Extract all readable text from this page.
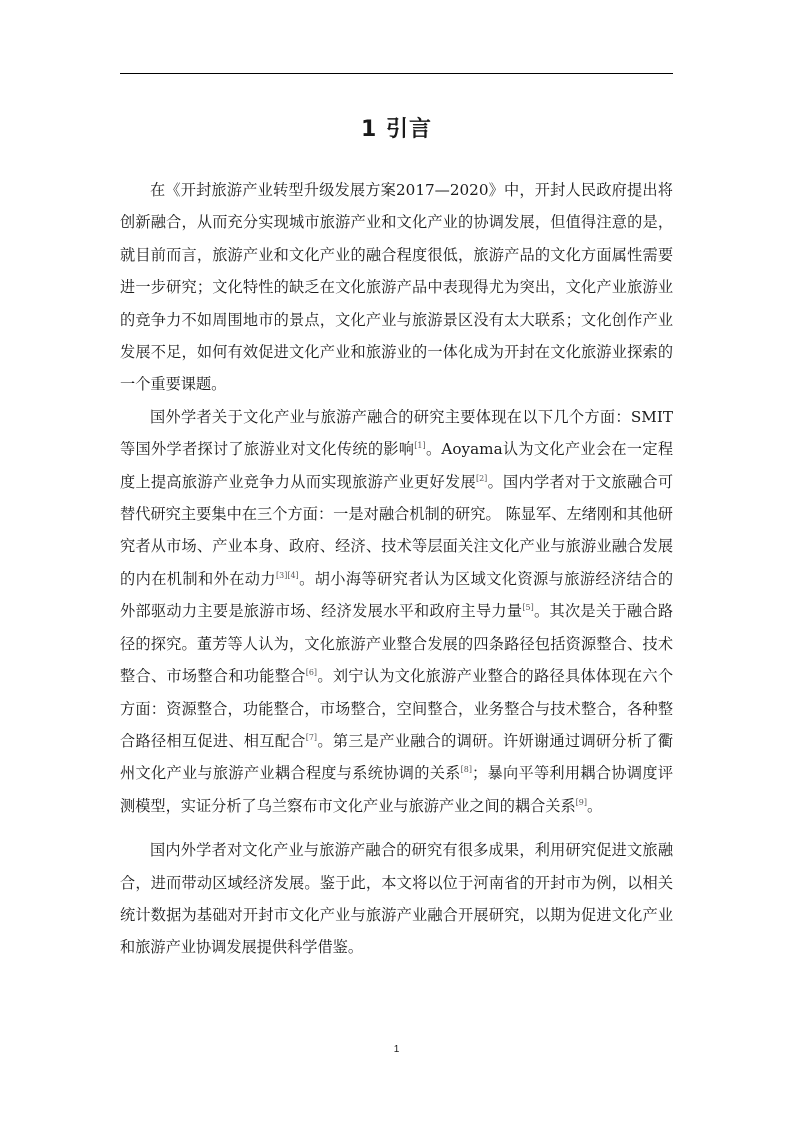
1 引言

在《开封旅游产业转型升级发展方案2017—2020》中，开封人民政府提出将创新融合，从而充分实现城市旅游产业和文化产业的协调发展，但值得注意的是，就目前而言，旅游产业和文化产业的融合程度很低，旅游产品的文化方面属性需要进一步研究；文化特性的缺乏在文化旅游产品中表现得尤为突出，文化产业旅游业的竞争力不如周围地市的景点，文化产业与旅游景区没有太大联系；文化创作产业发展不足，如何有效促进文化产业和旅游业的一体化成为开封在文化旅游业探索的一个重要课题。

国外学者关于文化产业与旅游产融合的研究主要体现在以下几个方面：SMIT等国外学者探讨了旅游业对文化传统的影响[1]。Aoyama认为文化产业会在一定程度上提高旅游产业竞争力从而实现旅游产业更好发展[2]。国内学者对于文旅融合可替代研究主要集中在三个方面：一是对融合机制的研究。 陈显军、左绪刚和其他研究者从市场、产业本身、政府、经济、技术等层面关注文化产业与旅游业融合发展的内在机制和外在动力[3][4]。胡小海等研究者认为区域文化资源与旅游经济结合的外部驱动力主要是旅游市场、经济发展水平和政府主导力量[5]。其次是关于融合路径的探究。董芳等人认为，文化旅游产业整合发展的四条路径包括资源整合、技术整合、市场整合和功能整合[6]。刘宁认为文化旅游产业整合的路径具体体现在六个方面：资源整合，功能整合，市场整合，空间整合，业务整合与技术整合，各种整合路径相互促进、相互配合[7]。第三是产业融合的调研。许妍谢通过调研分析了衢州文化产业与旅游产业耦合程度与系统协调的关系[8]；暴向平等利用耦合协调度评测模型，实证分析了乌兰察布市文化产业与旅游产业之间的耦合关系[9]。

国内外学者对文化产业与旅游产融合的研究有很多成果，利用研究促进文旅融合，进而带动区域经济发展。鉴于此，本文将以位于河南省的开封市为例，以相关统计数据为基础对开封市文化产业与旅游产业融合开展研究，以期为促进文化产业和旅游产业协调发展提供科学借鉴。

1
